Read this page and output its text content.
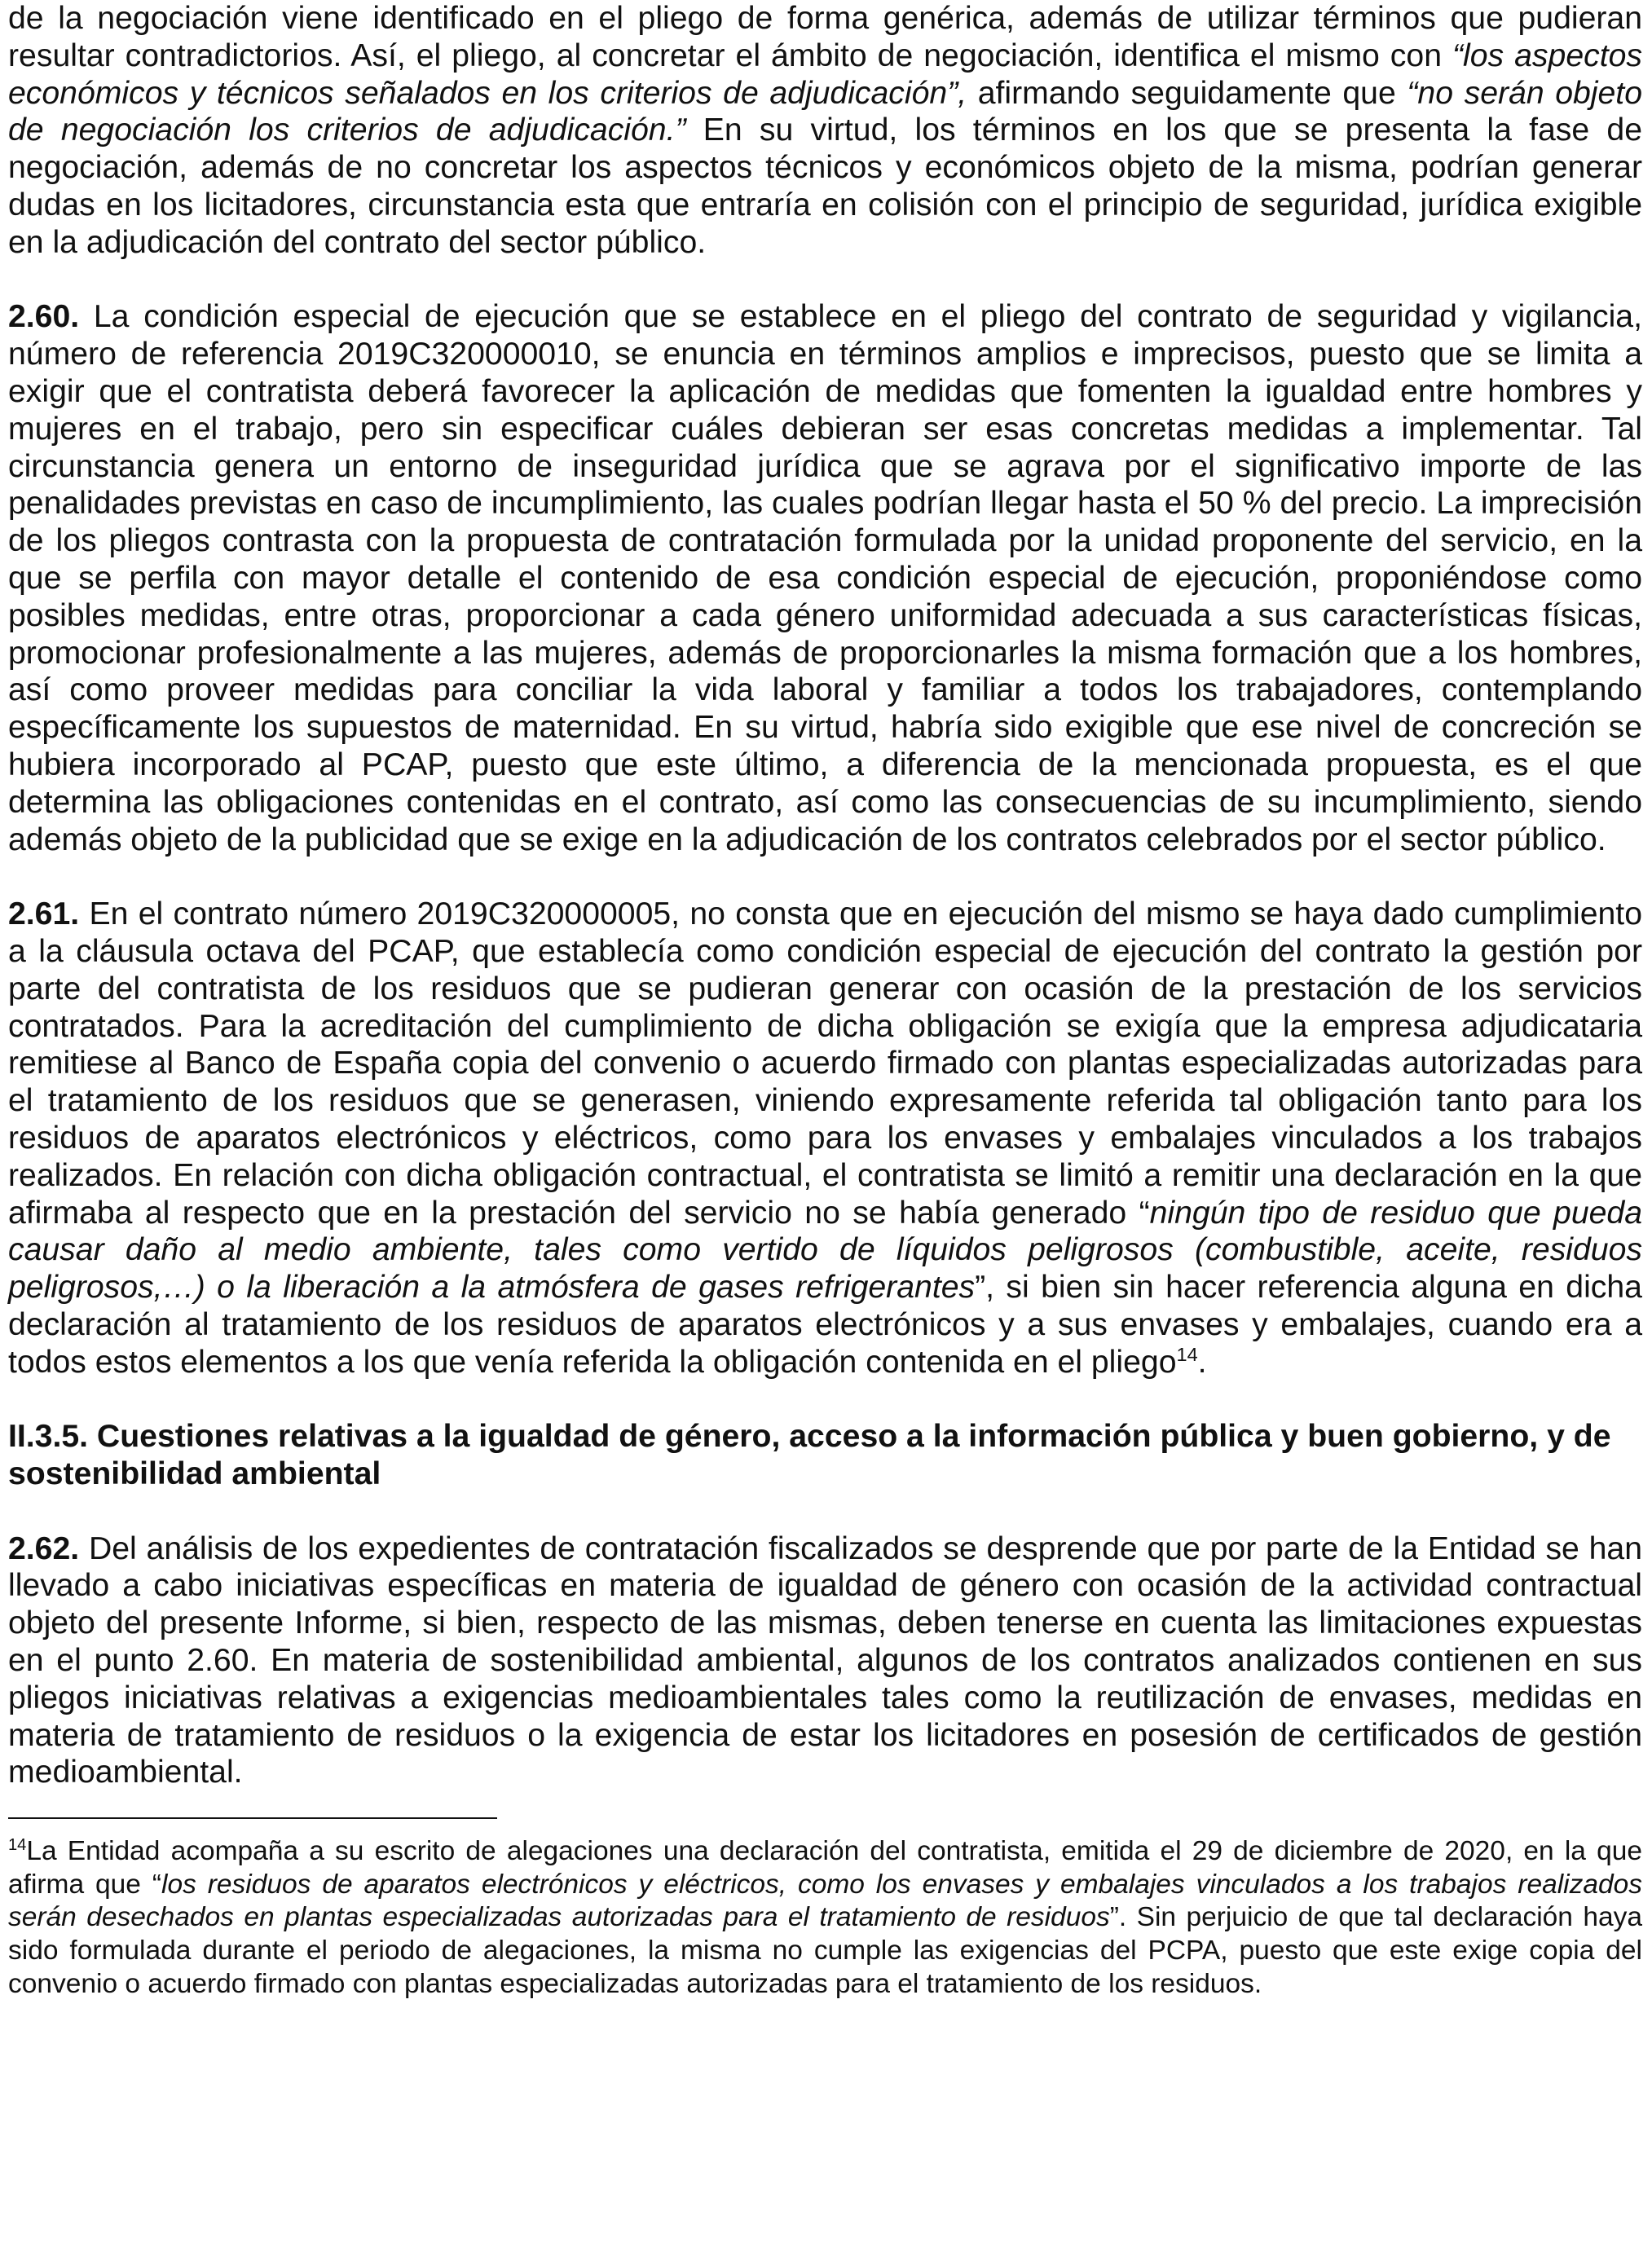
de la negociación viene identificado en el pliego de forma genérica, además de utilizar términos que pudieran resultar contradictorios. Así, el pliego, al concretar el ámbito de negociación, identifica el mismo con “los aspectos económicos y técnicos señalados en los criterios de adjudicación”, afirmando seguidamente que “no serán objeto de negociación los criterios de adjudicación.” En su virtud, los términos en los que se presenta la fase de negociación, además de no concretar los aspectos técnicos y económicos objeto de la misma, podrían generar dudas en los licitadores, circunstancia esta que entraría en colisión con el principio de seguridad, jurídica exigible en la adjudicación del contrato del sector público.

2.60. La condición especial de ejecución que se establece en el pliego del contrato de seguridad y vigilancia, número de referencia 2019C320000010, se enuncia en términos amplios e imprecisos, puesto que se limita a exigir que el contratista deberá favorecer la aplicación de medidas que fomenten la igualdad entre hombres y mujeres en el trabajo, pero sin especificar cuáles debieran ser esas concretas medidas a implementar. Tal circunstancia genera un entorno de inseguridad jurídica que se agrava por el significativo importe de las penalidades previstas en caso de incumplimiento, las cuales podrían llegar hasta el 50 % del precio. La imprecisión de los pliegos contrasta con la propuesta de contratación formulada por la unidad proponente del servicio, en la que se perfila con mayor detalle el contenido de esa condición especial de ejecución, proponiéndose como posibles medidas, entre otras, proporcionar a cada género uniformidad adecuada a sus características físicas, promocionar profesionalmente a las mujeres, además de proporcionarles la misma formación que a los hombres, así como proveer medidas para conciliar la vida laboral y familiar a todos los trabajadores, contemplando específicamente los supuestos de maternidad. En su virtud, habría sido exigible que ese nivel de concreción se hubiera incorporado al PCAP, puesto que este último, a diferencia de la mencionada propuesta, es el que determina las obligaciones contenidas en el contrato, así como las consecuencias de su incumplimiento, siendo además objeto de la publicidad que se exige en la adjudicación de los contratos celebrados por el sector público.

2.61. En el contrato número 2019C320000005, no consta que en ejecución del mismo se haya dado cumplimiento a la cláusula octava del PCAP, que establecía como condición especial de ejecución del contrato la gestión por parte del contratista de los residuos que se pudieran generar con ocasión de la prestación de los servicios contratados. Para la acreditación del cumplimiento de dicha obligación se exigía que la empresa adjudicataria remitiese al Banco de España copia del convenio o acuerdo firmado con plantas especializadas autorizadas para el tratamiento de los residuos que se generasen, viniendo expresamente referida tal obligación tanto para los residuos de aparatos electrónicos y eléctricos, como para los envases y embalajes vinculados a los trabajos realizados. En relación con dicha obligación contractual, el contratista se limitó a remitir una declaración en la que afirmaba al respecto que en la prestación del servicio no se había generado “ningún tipo de residuo que pueda causar daño al medio ambiente, tales como vertido de líquidos peligrosos (combustible, aceite, residuos peligrosos,…) o la liberación a la atmósfera de gases refrigerantes”, si bien sin hacer referencia alguna en dicha declaración al tratamiento de los residuos de aparatos electrónicos y a sus envases y embalajes, cuando era a todos estos elementos a los que venía referida la obligación contenida en el pliego$^{14}$.

II.3.5. Cuestiones relativas a la igualdad de género, acceso a la información pública y buen gobierno, y de sostenibilidad ambiental

2.62. Del análisis de los expedientes de contratación fiscalizados se desprende que por parte de la Entidad se han llevado a cabo iniciativas específicas en materia de igualdad de género con ocasión de la actividad contractual objeto del presente Informe, si bien, respecto de las mismas, deben tenerse en cuenta las limitaciones expuestas en el punto 2.60. En materia de sostenibilidad ambiental, algunos de los contratos analizados contienen en sus pliegos iniciativas relativas a exigencias medioambientales tales como la reutilización de envases, medidas en materia de tratamiento de residuos o la exigencia de estar los licitadores en posesión de certificados de gestión medioambiental.

$^{14}$La Entidad acompaña a su escrito de alegaciones una declaración del contratista, emitida el 29 de diciembre de 2020, en la que afirma que “los residuos de aparatos electrónicos y eléctricos, como los envases y embalajes vinculados a los trabajos realizados serán desechados en plantas especializadas autorizadas para el tratamiento de residuos”. Sin perjuicio de que tal declaración haya sido formulada durante el periodo de alegaciones, la misma no cumple las exigencias del PCPA, puesto que este exige copia del convenio o acuerdo firmado con plantas especializadas autorizadas para el tratamiento de los residuos.
